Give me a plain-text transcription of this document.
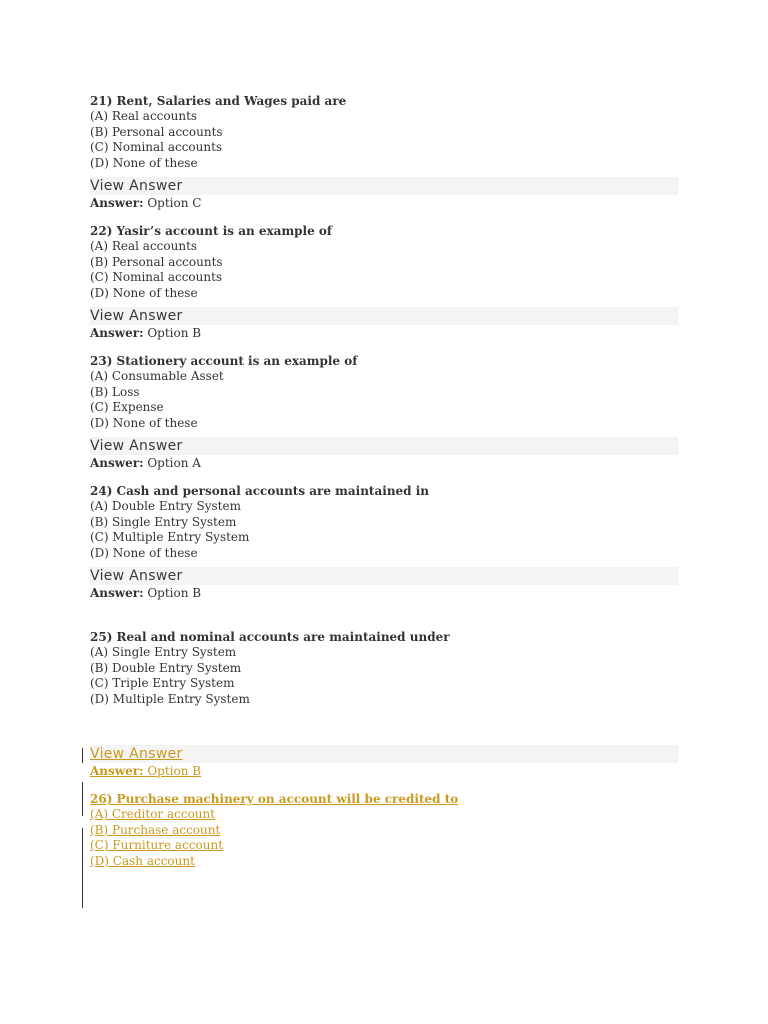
21) Rent, Salaries and Wages paid are
(A) Real accounts
(B) Personal accounts
(C) Nominal accounts
(D) None of these
View Answer
Answer: Option C
22) Yasir’s account is an example of
(A) Real accounts
(B) Personal accounts
(C) Nominal accounts
(D) None of these
View Answer
Answer: Option B
23) Stationery account is an example of
(A) Consumable Asset
(B) Loss
(C) Expense
(D) None of these
View Answer
Answer: Option A
24) Cash and personal accounts are maintained in
(A) Double Entry System
(B) Single Entry System
(C) Multiple Entry System
(D) None of these
View Answer
Answer: Option B
25) Real and nominal accounts are maintained under
(A) Single Entry System
(B) Double Entry System
(C) Triple Entry System
(D) Multiple Entry System
View Answer
Answer: Option B
26) Purchase machinery on account will be credited to
(A) Creditor account
(B) Purchase account
(C) Furniture account
(D) Cash account
